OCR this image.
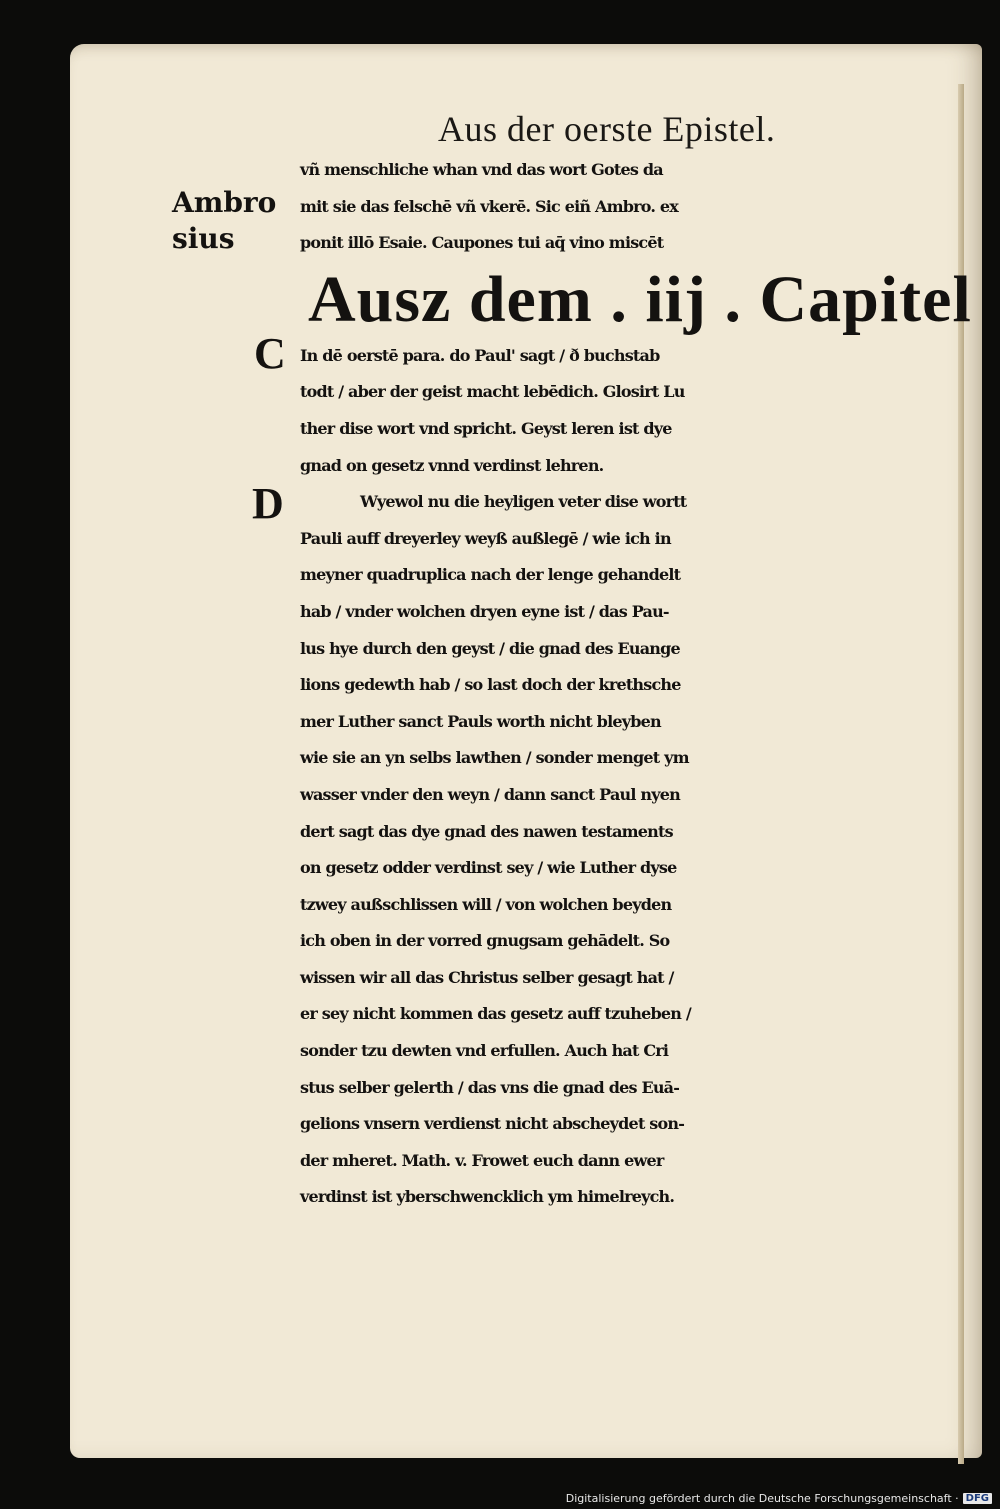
Aus der oerste Epistel.
Ambro
sius
C
D
vñ menschliche whan vnd das wort Gotes da
mit sie das felschē vñ vkerē. Sic eiñ Ambro. ex
ponit illō Esaie. Caupones tui aq̄ vino miscēt
Ausz dem . iij . Capitel
In dē oerstē para. do Paul' sagt / ð buchstab
todt / aber der geist macht lebēdich. Glosirt Lu
ther dise wort vnd spricht. Geyst leren ist dye
gnad on gesetz vnnd verdinst lehren.
Wyewol nu die heyligen veter dise wortt
Pauli auff dreyerley weyß außlegē / wie ich in
meyner quadruplica nach der lenge gehandelt
hab / vnder wolchen dryen eyne ist / das Pau-
lus hye durch den geyst / die gnad des Euange
lions gedewth hab / so last doch der krethsche
mer Luther sanct Pauls worth nicht bleyben
wie sie an yn selbs lawthen / sonder menget ym
wasser vnder den weyn / dann sanct Paul nyen
dert sagt das dye gnad des nawen testaments
on gesetz odder verdinst sey / wie Luther dyse
tzwey außschlissen will / von wolchen beyden
ich oben in der vorred gnugsam gehādelt. So
wissen wir all das Christus selber gesagt hat /
er sey nicht kommen das gesetz auff tzuheben /
sonder tzu dewten vnd erfullen. Auch hat Cri
stus selber gelerth / das vns die gnad des Euā-
gelions vnsern verdienst nicht abscheydet son-
der mheret. Math. v. Frowet euch dann ewer
verdinst ist yberschwencklich ym himelreych.
Digitalisierung gefördert durch die Deutsche Forschungsgemeinschaft · DFG
